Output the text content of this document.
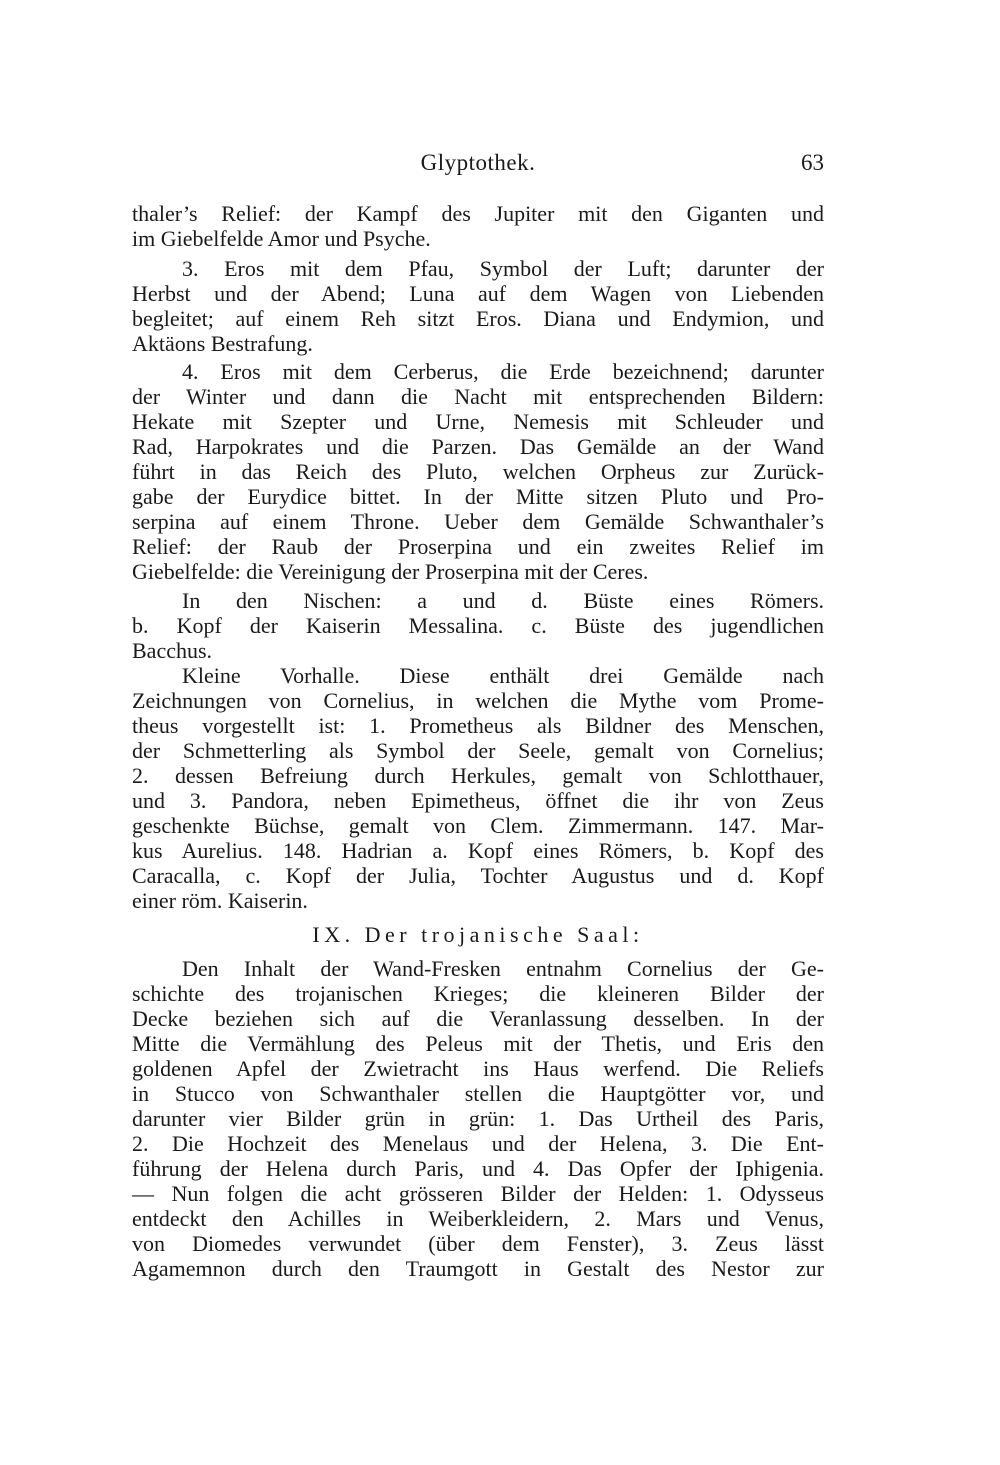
Glyptothek.	63
thaler’s Relief: der Kampf des Jupiter mit den Giganten und
im Giebelfelde Amor und Psyche.
3. Eros mit dem Pfau, Symbol der Luft; darunter der
Herbst und der Abend; Luna auf dem Wagen von Liebenden
begleitet; auf einem Reh sitzt Eros. Diana und Endymion, und
Aktäons Bestrafung.
4. Eros mit dem Cerberus, die Erde bezeichnend; darunter
der Winter und dann die Nacht mit entsprechenden Bildern:
Hekate mit Szepter und Urne, Nemesis mit Schleuder und
Rad, Harpokrates und die Parzen. Das Gemälde an der Wand
führt in das Reich des Pluto, welchen Orpheus zur Zurück-
gabe der Eurydice bittet. In der Mitte sitzen Pluto und Pro-
serpina auf einem Throne. Ueber dem Gemälde Schwanthaler’s
Relief: der Raub der Proserpina und ein zweites Relief im
Giebelfelde: die Vereinigung der Proserpina mit der Ceres.
In den Nischen: a und d. Büste eines Römers.
b. Kopf der Kaiserin Messalina. c. Büste des jugendlichen
Bacchus.
Kleine Vorhalle. Diese enthält drei Gemälde nach
Zeichnungen von Cornelius, in welchen die Mythe vom Prome-
theus vorgestellt ist: 1. Prometheus als Bildner des Menschen,
der Schmetterling als Symbol der Seele, gemalt von Cornelius;
2. dessen Befreiung durch Herkules, gemalt von Schlotthauer,
und 3. Pandora, neben Epimetheus, öffnet die ihr von Zeus
geschenkte Büchse, gemalt von Clem. Zimmermann. 147. Mar-
kus Aurelius. 148. Hadrian a. Kopf eines Römers, b. Kopf des
Caracalla, c. Kopf der Julia, Tochter Augustus und d. Kopf
einer röm. Kaiserin.
IX. Der trojanische Saal:
Den Inhalt der Wand-Fresken entnahm Cornelius der Ge-
schichte des trojanischen Krieges; die kleineren Bilder der
Decke beziehen sich auf die Veranlassung desselben. In der
Mitte die Vermählung des Peleus mit der Thetis, und Eris den
goldenen Apfel der Zwietracht ins Haus werfend. Die Reliefs
in Stucco von Schwanthaler stellen die Hauptgötter vor, und
darunter vier Bilder grün in grün: 1. Das Urtheil des Paris,
2. Die Hochzeit des Menelaus und der Helena, 3. Die Ent-
führung der Helena durch Paris, und 4. Das Opfer der Iphigenia.
— Nun folgen die acht grösseren Bilder der Helden: 1. Odysseus
entdeckt den Achilles in Weiberkleidern, 2. Mars und Venus,
von Diomedes verwundet (über dem Fenster), 3. Zeus lässt
Agamemnon durch den Traumgott in Gestalt des Nestor zur
